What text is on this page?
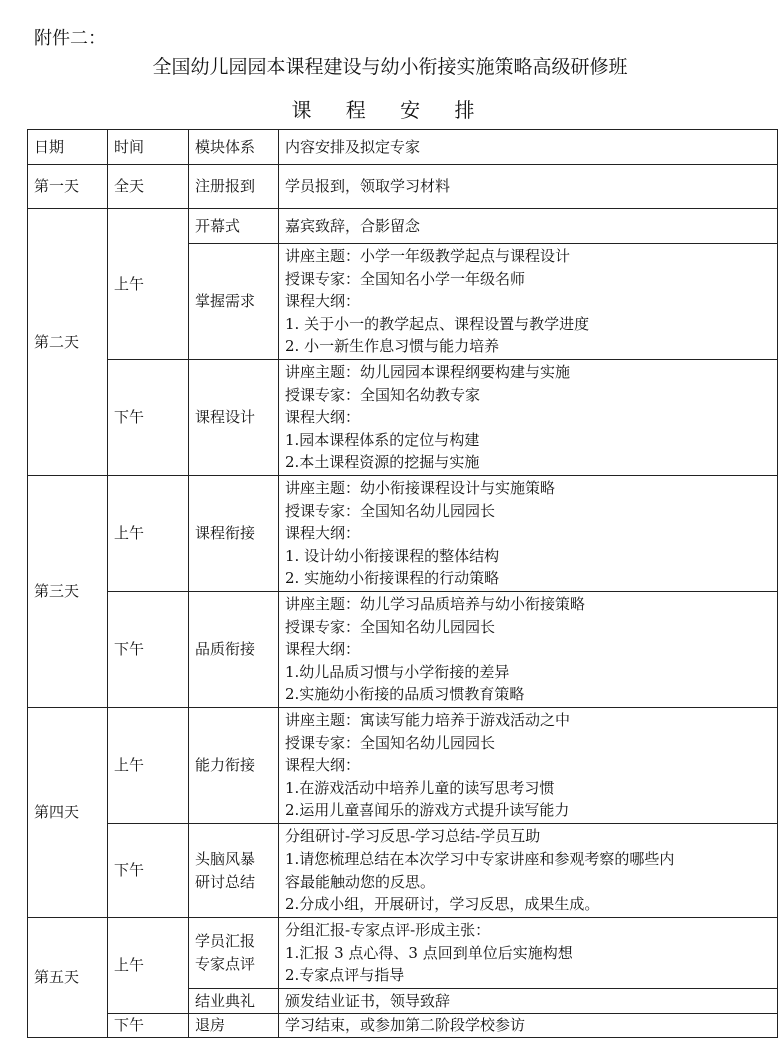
附件二：
全国幼儿园园本课程建设与幼小衔接实施策略高级研修班
课 程 安 排
日期	时间	模块体系	内容安排及拟定专家
第一天	全天	注册报到	学员报到，领取学习材料

第二天	上午	开幕式	嘉宾致辞，合影留念

		掌握需求	讲座主题：小学一年级教学起点与课程设计
授课专家：全国知名小学一年级名师
课程大纲：
1. 关于小一的教学起点、课程设置与教学进度
2. 小一新生作息习惯与能力培养

	下午	课程设计	讲座主题：幼儿园园本课程纲要构建与实施
授课专家：全国知名幼教专家
课程大纲：
1.园本课程体系的定位与构建
2.本土课程资源的挖掘与实施

第三天	上午	课程衔接	讲座主题：幼小衔接课程设计与实施策略
授课专家：全国知名幼儿园园长
课程大纲：
1. 设计幼小衔接课程的整体结构
2. 实施幼小衔接课程的行动策略

	下午	品质衔接	讲座主题：幼儿学习品质培养与幼小衔接策略
授课专家：全国知名幼儿园园长
课程大纲：
1.幼儿品质习惯与小学衔接的差异
2.实施幼小衔接的品质习惯教育策略

第四天	上午	能力衔接	讲座主题：寓读写能力培养于游戏活动之中
授课专家：全国知名幼儿园园长
课程大纲：
1.在游戏活动中培养儿童的读写思考习惯
2.运用儿童喜闻乐的游戏方式提升读写能力

	下午	头脑风暴
研讨总结	分组研讨-学习反思-学习总结-学员互助
1.请您梳理总结在本次学习中专家讲座和参观考察的哪些内
容最能触动您的反思。
2.分成小组，开展研讨，学习反思，成果生成。

第五天	上午	学员汇报
专家点评	分组汇报-专家点评-形成主张：
1.汇报 3 点心得、3 点回到单位后实施构想
2.专家点评与指导

		结业典礼	颁发结业证书，领导致辞

	下午	退房	学习结束，或参加第二阶段学校参访
